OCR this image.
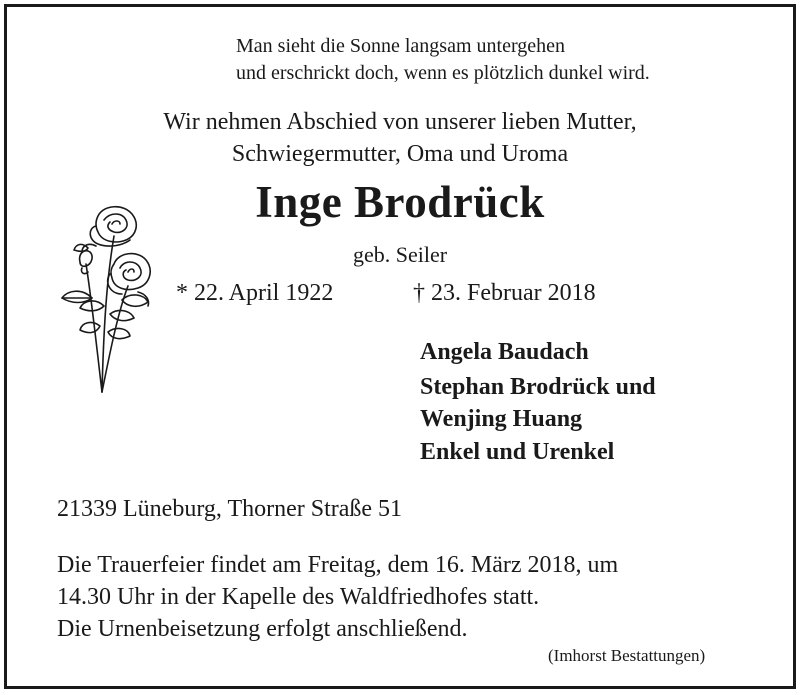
Man sieht die Sonne langsam untergehen
und erschrickt doch, wenn es plötzlich dunkel wird.
Wir nehmen Abschied von unserer lieben Mutter,
Schwiegermutter, Oma und Uroma
Inge Brodrück
geb. Seiler
* 22. April 1922	† 23. Februar 2018
Angela Baudach
Stephan Brodrück und
Wenjing Huang
Enkel und Urenkel
21339 Lüneburg, Thorner Straße 51
Die Trauerfeier findet am Freitag, dem 16. März 2018, um
14.30 Uhr in der Kapelle des Waldfriedhofes statt.
Die Urnenbeisetzung erfolgt anschließend.
(Imhorst Bestattungen)
